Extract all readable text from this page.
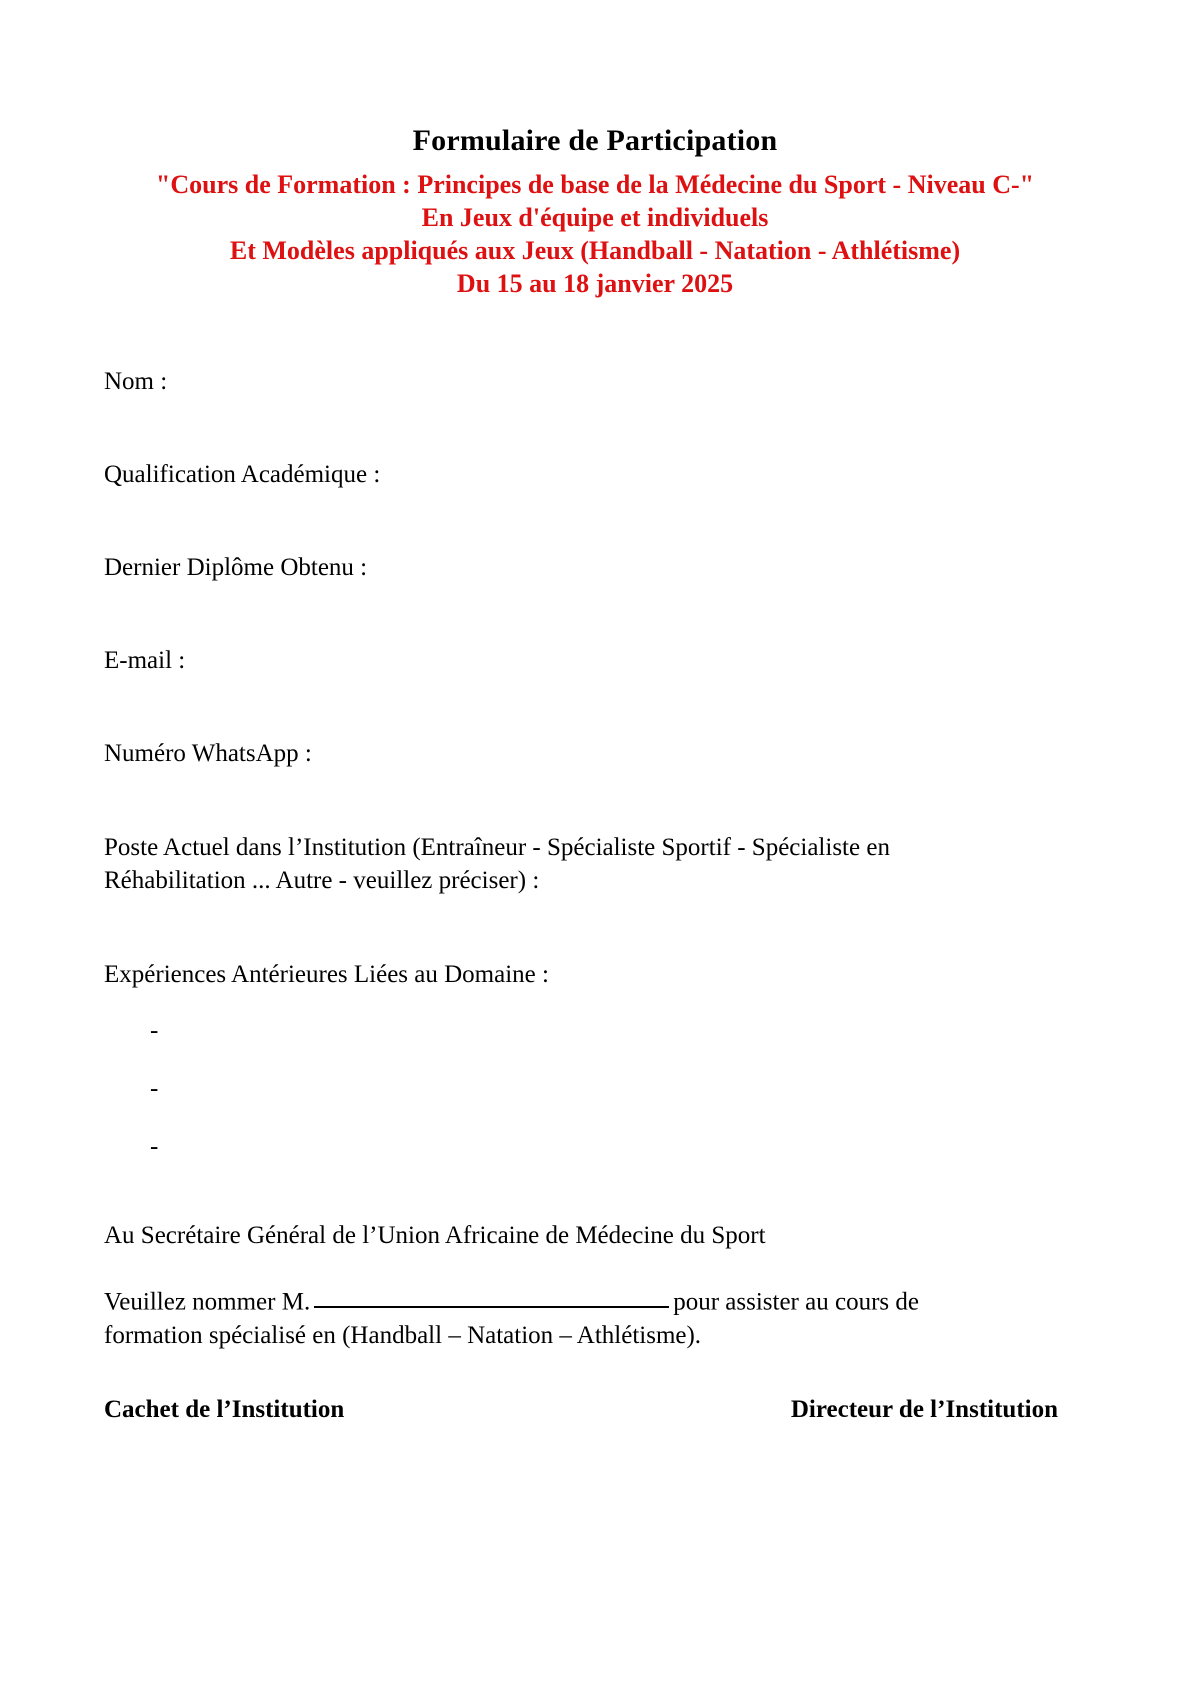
Formulaire de Participation
"Cours de Formation : Principes de base de la Médecine du Sport - Niveau C-"
En Jeux d'équipe et individuels
Et Modèles appliqués aux Jeux (Handball - Natation - Athlétisme)
Du 15 au 18 janvier 2025

Nom :

Qualification Académique :

Dernier Diplôme Obtenu :

E-mail :

Numéro WhatsApp :

Poste Actuel dans l’Institution (Entraîneur - Spécialiste Sportif - Spécialiste en Réhabilitation ... Autre - veuillez préciser) :

Expériences Antérieures Liées au Domaine :

-
-
-

Au Secrétaire Général de l’Union Africaine de Médecine du Sport

Veuillez nommer M.	pour assister au cours de formation spécialisé en (Handball – Natation – Athlétisme).

Cachet de l’Institution	Directeur de l’Institution
